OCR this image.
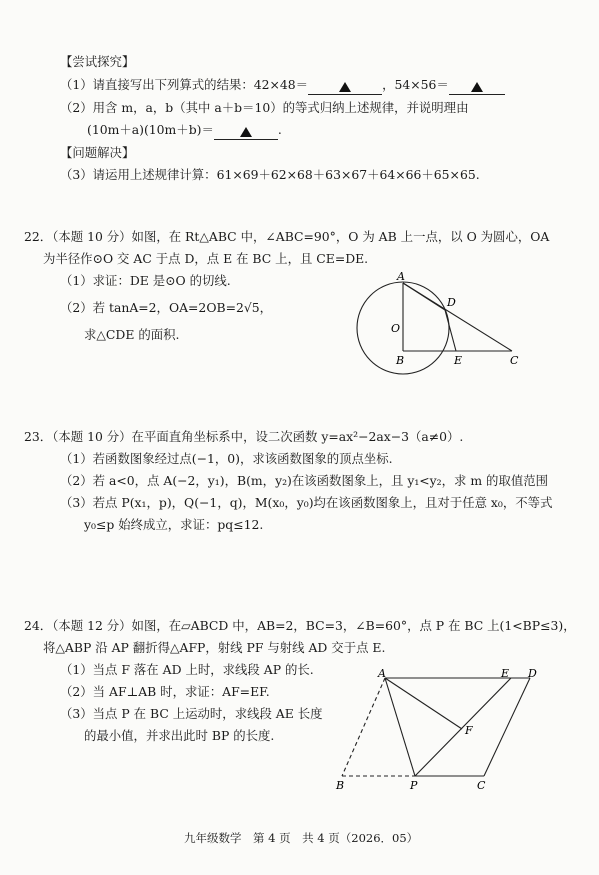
【尝试探究】
（1）请直接写出下列算式的结果：42×48＝	，54×56＝
（2）用含 m，a，b（其中 a＋b＝10）的等式归纳上述规律，并说明理由
(10m＋a)(10m＋b)＝	.
【问题解决】
（3）请运用上述规律计算：61×69＋62×68＋63×67＋64×66＋65×65.
22．（本题 10 分）如图，在 Rt△ABC 中，∠ABC=90°，O 为 AB 上一点，以 O 为圆心，OA
为半径作⊙O 交 AC 于点 D，点 E 在 BC 上，且 CE=DE.
（1）求证：DE 是⊙O 的切线.
（2）若 tanA=2，OA=2OB=2√5，
求△CDE 的面积.
A
D
O
B	E	C
23．（本题 10 分）在平面直角坐标系中，设二次函数 y=ax²−2ax−3（a≠0）.
（1）若函数图象经过点(−1，0)，求该函数图象的顶点坐标.
（2）若 a<0，点 A(−2，y₁)，B(m，y₂)在该函数图象上，且 y₁<y₂，求 m 的取值范围
（3）若点 P(x₁，p)，Q(−1，q)，M(x₀，y₀)均在该函数图象上，且对于任意 x₀，不等式
y₀≤p 始终成立，求证：pq≤12.
24．（本题 12 分）如图，在▱ABCD 中，AB=2，BC=3，∠B=60°，点 P 在 BC 上(1<BP≤3)，
将△ABP 沿 AP 翻折得△AFP，射线 PF 与射线 AD 交于点 E.
（1）当点 F 落在 AD 上时，求线段 AP 的长.
（2）当 AF⊥AB 时，求证：AF=EF.
（3）当点 P 在 BC 上运动时，求线段 AE 长度
的最小值，并求出此时 BP 的长度.
A	E D
F
B	P	C
九年级数学　第 4 页　共 4 页（2026．05）
